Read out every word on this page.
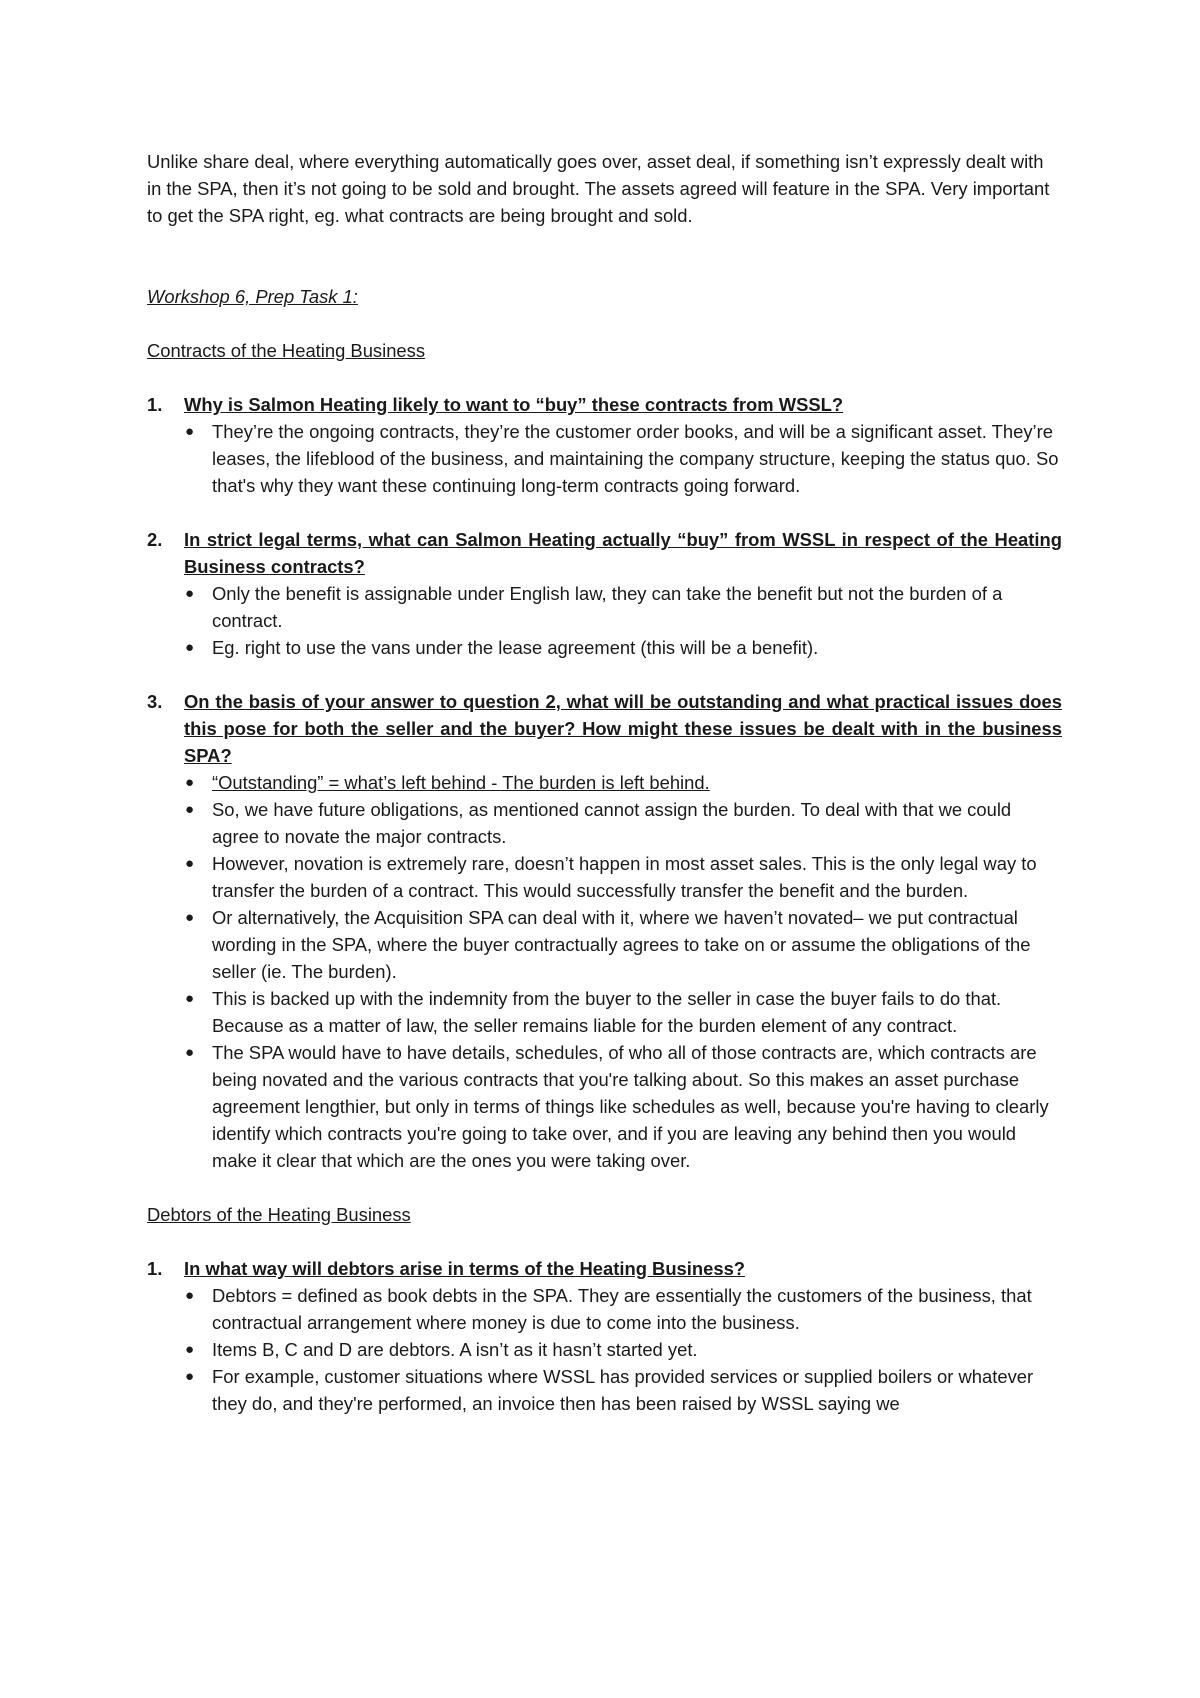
Unlike share deal, where everything automatically goes over, asset deal, if something isn’t expressly dealt with in the SPA, then it’s not going to be sold and brought. The assets agreed will feature in the SPA. Very important to get the SPA right, eg. what contracts are being brought and sold.

Workshop 6, Prep Task 1:

Contracts of the Heating Business

1. Why is Salmon Heating likely to want to “buy” these contracts from WSSL?
● They’re the ongoing contracts, they’re the customer order books, and will be a significant asset. They’re leases, the lifeblood of the business, and maintaining the company structure, keeping the status quo. So that's why they want these continuing long-term contracts going forward.
2. In strict legal terms, what can Salmon Heating actually “buy” from WSSL in respect of the Heating Business contracts?
● Only the benefit is assignable under English law, they can take the benefit but not the burden of a contract.
● Eg. right to use the vans under the lease agreement (this will be a benefit).
3. On the basis of your answer to question 2, what will be outstanding and what practical issues does this pose for both the seller and the buyer? How might these issues be dealt with in the business SPA?
● “Outstanding” = what’s left behind - The burden is left behind.
● So, we have future obligations, as mentioned cannot assign the burden. To deal with that we could agree to novate the major contracts.
● However, novation is extremely rare, doesn’t happen in most asset sales. This is the only legal way to transfer the burden of a contract. This would successfully transfer the benefit and the burden.
● Or alternatively, the Acquisition SPA can deal with it, where we haven’t novated– we put contractual wording in the SPA, where the buyer contractually agrees to take on or assume the obligations of the seller (ie. The burden).
● This is backed up with the indemnity from the buyer to the seller in case the buyer fails to do that. Because as a matter of law, the seller remains liable for the burden element of any contract.
● The SPA would have to have details, schedules, of who all of those contracts are, which contracts are being novated and the various contracts that you're talking about. So this makes an asset purchase agreement lengthier, but only in terms of things like schedules as well, because you're having to clearly identify which contracts you're going to take over, and if you are leaving any behind then you would make it clear that which are the ones you were taking over.

Debtors of the Heating Business

1. In what way will debtors arise in terms of the Heating Business?
● Debtors = defined as book debts in the SPA. They are essentially the customers of the business, that contractual arrangement where money is due to come into the business.
● Items B, C and D are debtors. A isn’t as it hasn’t started yet.
● For example, customer situations where WSSL has provided services or supplied boilers or whatever they do, and they're performed, an invoice then has been raised by WSSL saying we
